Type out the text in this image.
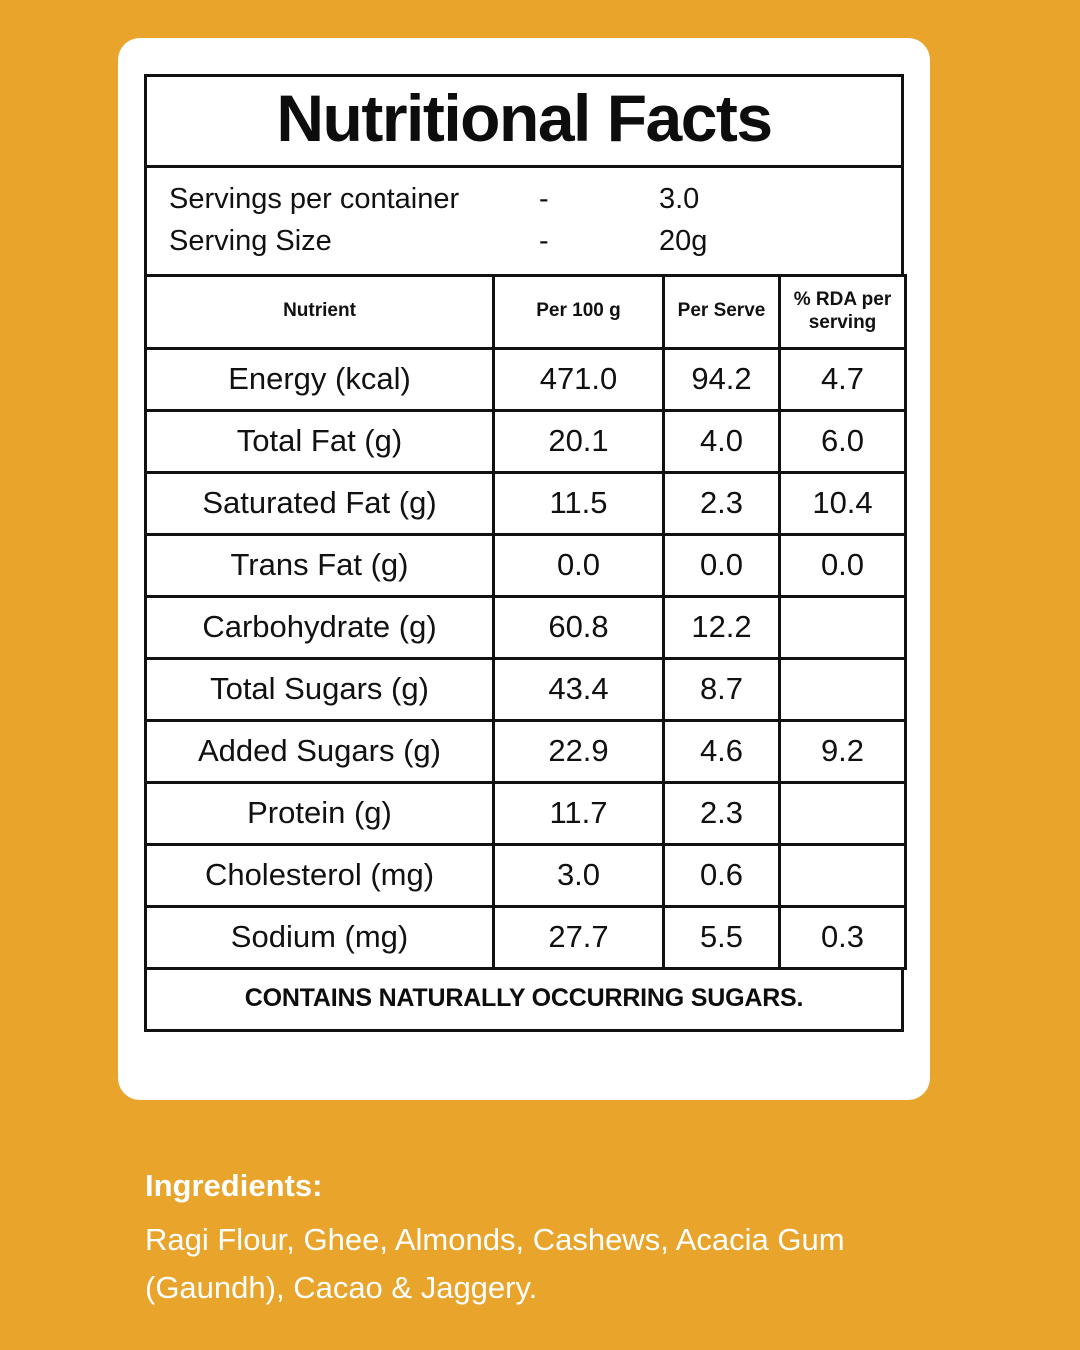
Nutritional Facts
Servings per container	-	3.0
Serving Size	-	20g
Nutrient	Per 100 g	Per Serve	% RDA per serving
Energy (kcal)	471.0	94.2	4.7
Total Fat (g)	20.1	4.0	6.0
Saturated Fat (g)	11.5	2.3	10.4
Trans Fat (g)	0.0	0.0	0.0
Carbohydrate (g)	60.8	12.2	
Total Sugars (g)	43.4	8.7	
Added Sugars (g)	22.9	4.6	9.2
Protein (g)	11.7	2.3	
Cholesterol (mg)	3.0	0.6	
Sodium (mg)	27.7	5.5	0.3
CONTAINS NATURALLY OCCURRING SUGARS.
Ingredients:
Ragi Flour, Ghee, Almonds, Cashews, Acacia Gum (Gaundh), Cacao & Jaggery.
